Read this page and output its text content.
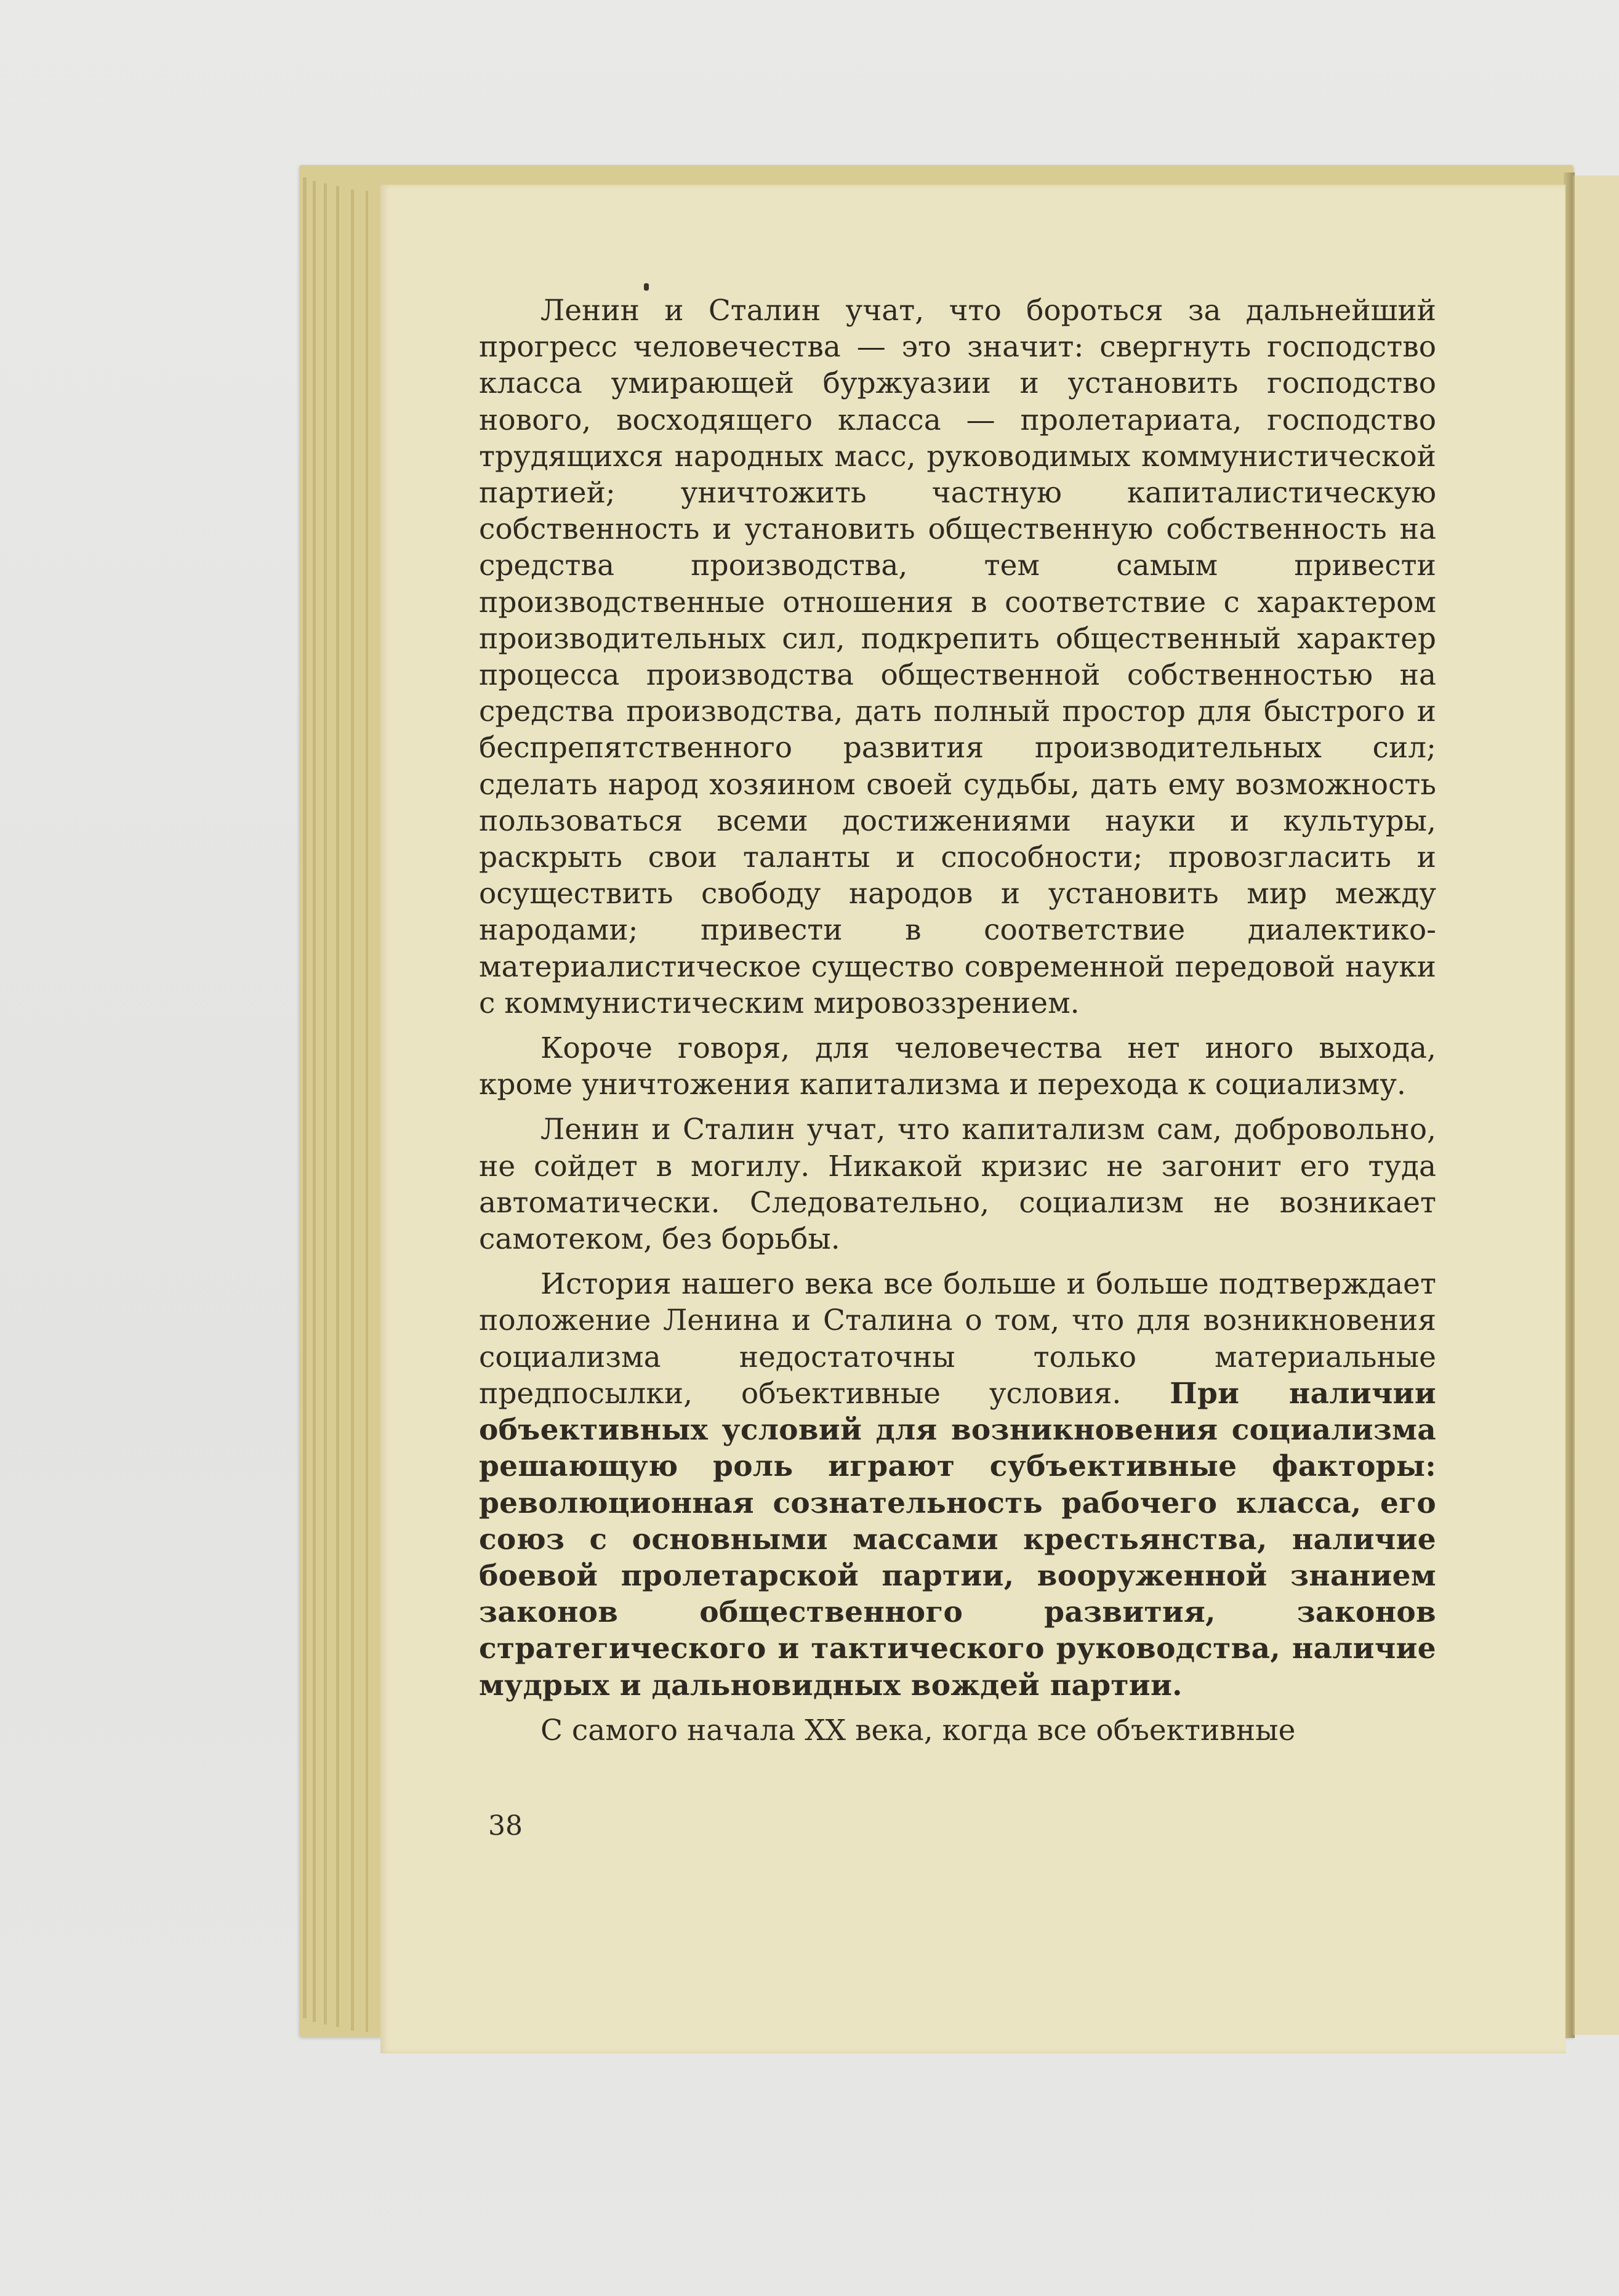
Ленин и Сталин учат, что бороться за дальнейший прогресс человечества — это значит: свергнуть господство класса умирающей буржуазии и установить господство нового, восходящего класса — пролетариата, господство трудящихся народных масс, руководимых коммунистической партией; уничтожить частную капиталистическую собственность и установить общественную собственность на средства производства, тем самым привести производственные отношения в соответствие с характером производительных сил, подкрепить общественный характер процесса производства общественной собственностью на средства производства, дать полный простор для быстрого и беспрепятственного развития производительных сил; сделать народ хозяином своей судьбы, дать ему возможность пользоваться всеми достижениями науки и культуры, раскрыть свои таланты и способности; провозгласить и осуществить свободу народов и установить мир между народами; привести в соответствие диалектико-материалистическое существо современной передовой науки с коммунистическим мировоззрением.

Короче говоря, для человечества нет иного выхода, кроме уничтожения капитализма и перехода к социализму.

Ленин и Сталин учат, что капитализм сам, добровольно, не сойдет в могилу. Никакой кризис не загонит его туда автоматически. Следовательно, социализм не возникает самотеком, без борьбы.

История нашего века все больше и больше подтверждает положение Ленина и Сталина о том, что для возникновения социализма недостаточны только материальные предпосылки, объективные условия. При наличии объективных условий для возникновения социализма решающую роль играют субъективные факторы: революционная сознательность рабочего класса, его союз с основными массами крестьянства, наличие боевой пролетарской партии, вооруженной знанием законов общественного развития, законов стратегического и тактического руководства, наличие мудрых и дальновидных вождей партии.

С самого начала XX века, когда все объективные

38
